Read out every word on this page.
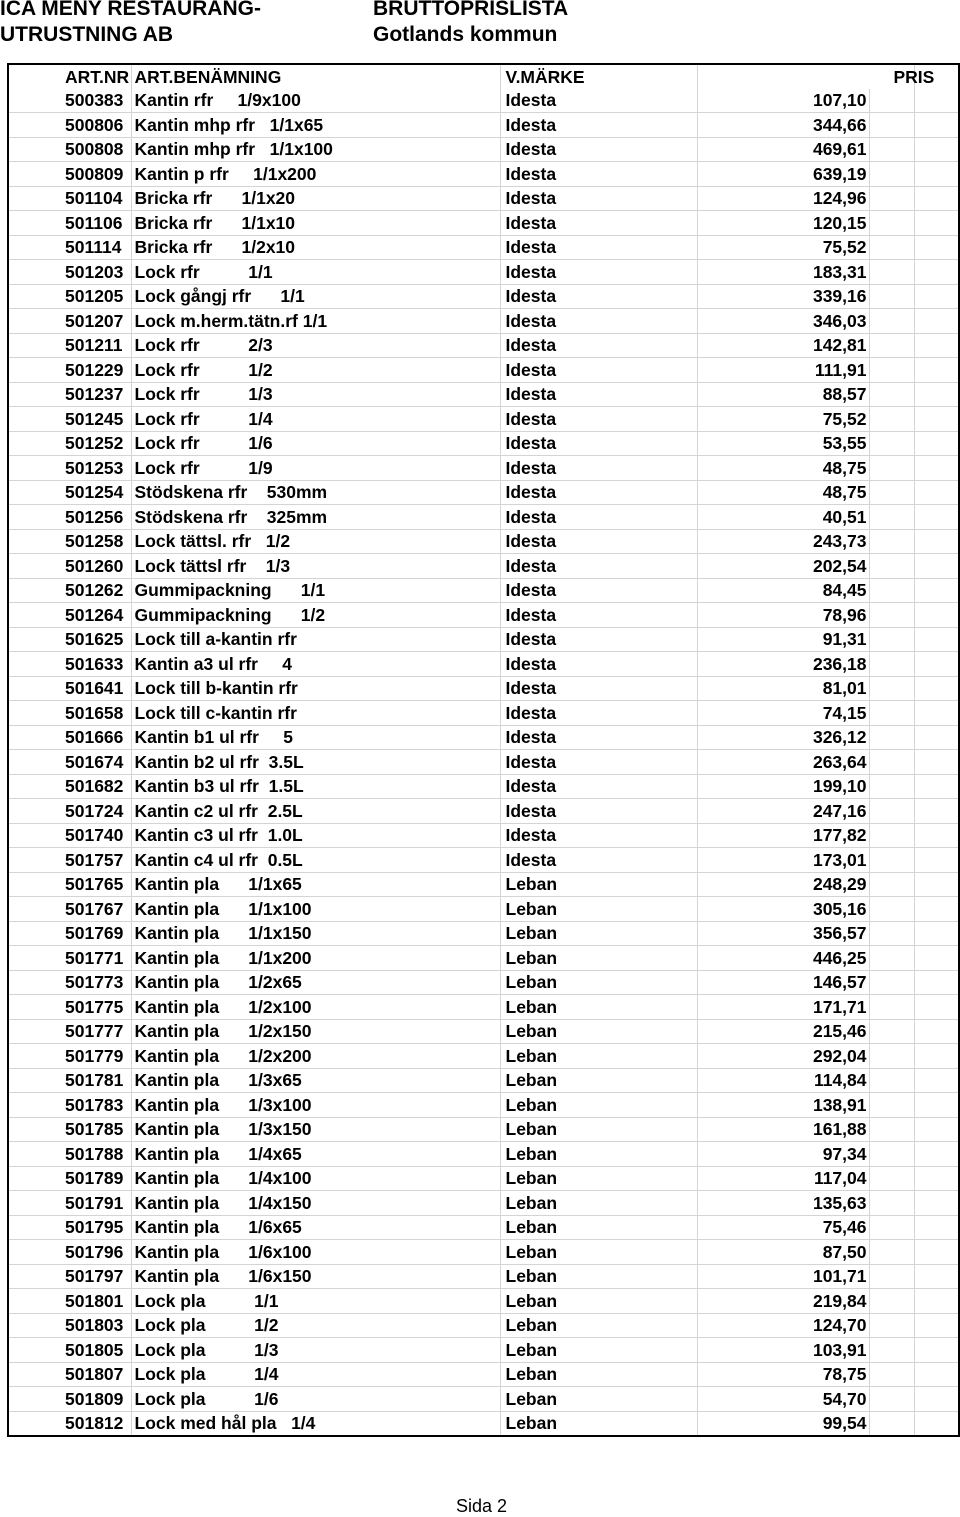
ICA MENY RESTAURANG-
UTRUSTNING AB
BRUTTOPRISLISTA
Gotlands kommun
ART.NR	ART.BENÄMNING	V.MÄRKE	PRIS		
500383	Kantin rfr     1/9x100	Idesta	107,10		
500806	Kantin mhp rfr   1/1x65	Idesta	344,66		
500808	Kantin mhp rfr   1/1x100	Idesta	469,61		
500809	Kantin p rfr     1/1x200	Idesta	639,19		
501104	Bricka rfr      1/1x20	Idesta	124,96		
501106	Bricka rfr      1/1x10	Idesta	120,15		
501114	Bricka rfr      1/2x10	Idesta	75,52		
501203	Lock rfr          1/1	Idesta	183,31		
501205	Lock gångj rfr      1/1	Idesta	339,16		
501207	Lock m.herm.tätn.rf 1/1	Idesta	346,03		
501211	Lock rfr          2/3	Idesta	142,81		
501229	Lock rfr          1/2	Idesta	111,91		
501237	Lock rfr          1/3	Idesta	88,57		
501245	Lock rfr          1/4	Idesta	75,52		
501252	Lock rfr          1/6	Idesta	53,55		
501253	Lock rfr          1/9	Idesta	48,75		
501254	Stödskena rfr    530mm	Idesta	48,75		
501256	Stödskena rfr    325mm	Idesta	40,51		
501258	Lock tättsl. rfr   1/2	Idesta	243,73		
501260	Lock tättsl rfr    1/3	Idesta	202,54		
501262	Gummipackning      1/1	Idesta	84,45		
501264	Gummipackning      1/2	Idesta	78,96		
501625	Lock till a-kantin rfr	Idesta	91,31		
501633	Kantin a3 ul rfr     4	Idesta	236,18		
501641	Lock till b-kantin rfr	Idesta	81,01		
501658	Lock till c-kantin rfr	Idesta	74,15		
501666	Kantin b1 ul rfr     5	Idesta	326,12		
501674	Kantin b2 ul rfr  3.5L	Idesta	263,64		
501682	Kantin b3 ul rfr  1.5L	Idesta	199,10		
501724	Kantin c2 ul rfr  2.5L	Idesta	247,16		
501740	Kantin c3 ul rfr  1.0L	Idesta	177,82		
501757	Kantin c4 ul rfr  0.5L	Idesta	173,01		
501765	Kantin pla      1/1x65	Leban	248,29		
501767	Kantin pla      1/1x100	Leban	305,16		
501769	Kantin pla      1/1x150	Leban	356,57		
501771	Kantin pla      1/1x200	Leban	446,25		
501773	Kantin pla      1/2x65	Leban	146,57		
501775	Kantin pla      1/2x100	Leban	171,71		
501777	Kantin pla      1/2x150	Leban	215,46		
501779	Kantin pla      1/2x200	Leban	292,04		
501781	Kantin pla      1/3x65	Leban	114,84		
501783	Kantin pla      1/3x100	Leban	138,91		
501785	Kantin pla      1/3x150	Leban	161,88		
501788	Kantin pla      1/4x65	Leban	97,34		
501789	Kantin pla      1/4x100	Leban	117,04		
501791	Kantin pla      1/4x150	Leban	135,63		
501795	Kantin pla      1/6x65	Leban	75,46		
501796	Kantin pla      1/6x100	Leban	87,50		
501797	Kantin pla      1/6x150	Leban	101,71		
501801	Lock pla          1/1	Leban	219,84		
501803	Lock pla          1/2	Leban	124,70		
501805	Lock pla          1/3	Leban	103,91		
501807	Lock pla          1/4	Leban	78,75		
501809	Lock pla          1/6	Leban	54,70		
501812	Lock med hål pla   1/4	Leban	99,54		
Sida 2
